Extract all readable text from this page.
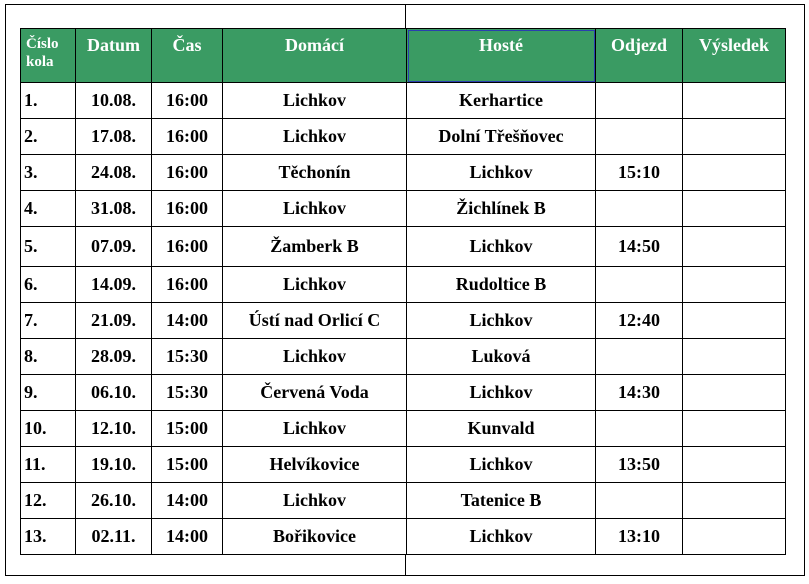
Číslo
kola	Datum	Čas	Domácí	Hosté	Odjezd	Výsledek
1.	10.08.	16:00	Lichkov	Kerhartice		
2.	17.08.	16:00	Lichkov	Dolní Třešňovec		
3.	24.08.	16:00	Těchonín	Lichkov	15:10	
4.	31.08.	16:00	Lichkov	Žichlínek B		
5.	07.09.	16:00	Žamberk B	Lichkov	14:50	
6.	14.09.	16:00	Lichkov	Rudoltice B		
7.	21.09.	14:00	Ústí nad Orlicí C	Lichkov	12:40	
8.	28.09.	15:30	Lichkov	Luková		
9.	06.10.	15:30	Červená Voda	Lichkov	14:30	
10.	12.10.	15:00	Lichkov	Kunvald		
11.	19.10.	15:00	Helvíkovice	Lichkov	13:50	
12.	26.10.	14:00	Lichkov	Tatenice B		
13.	02.11.	14:00	Bořikovice	Lichkov	13:10	
